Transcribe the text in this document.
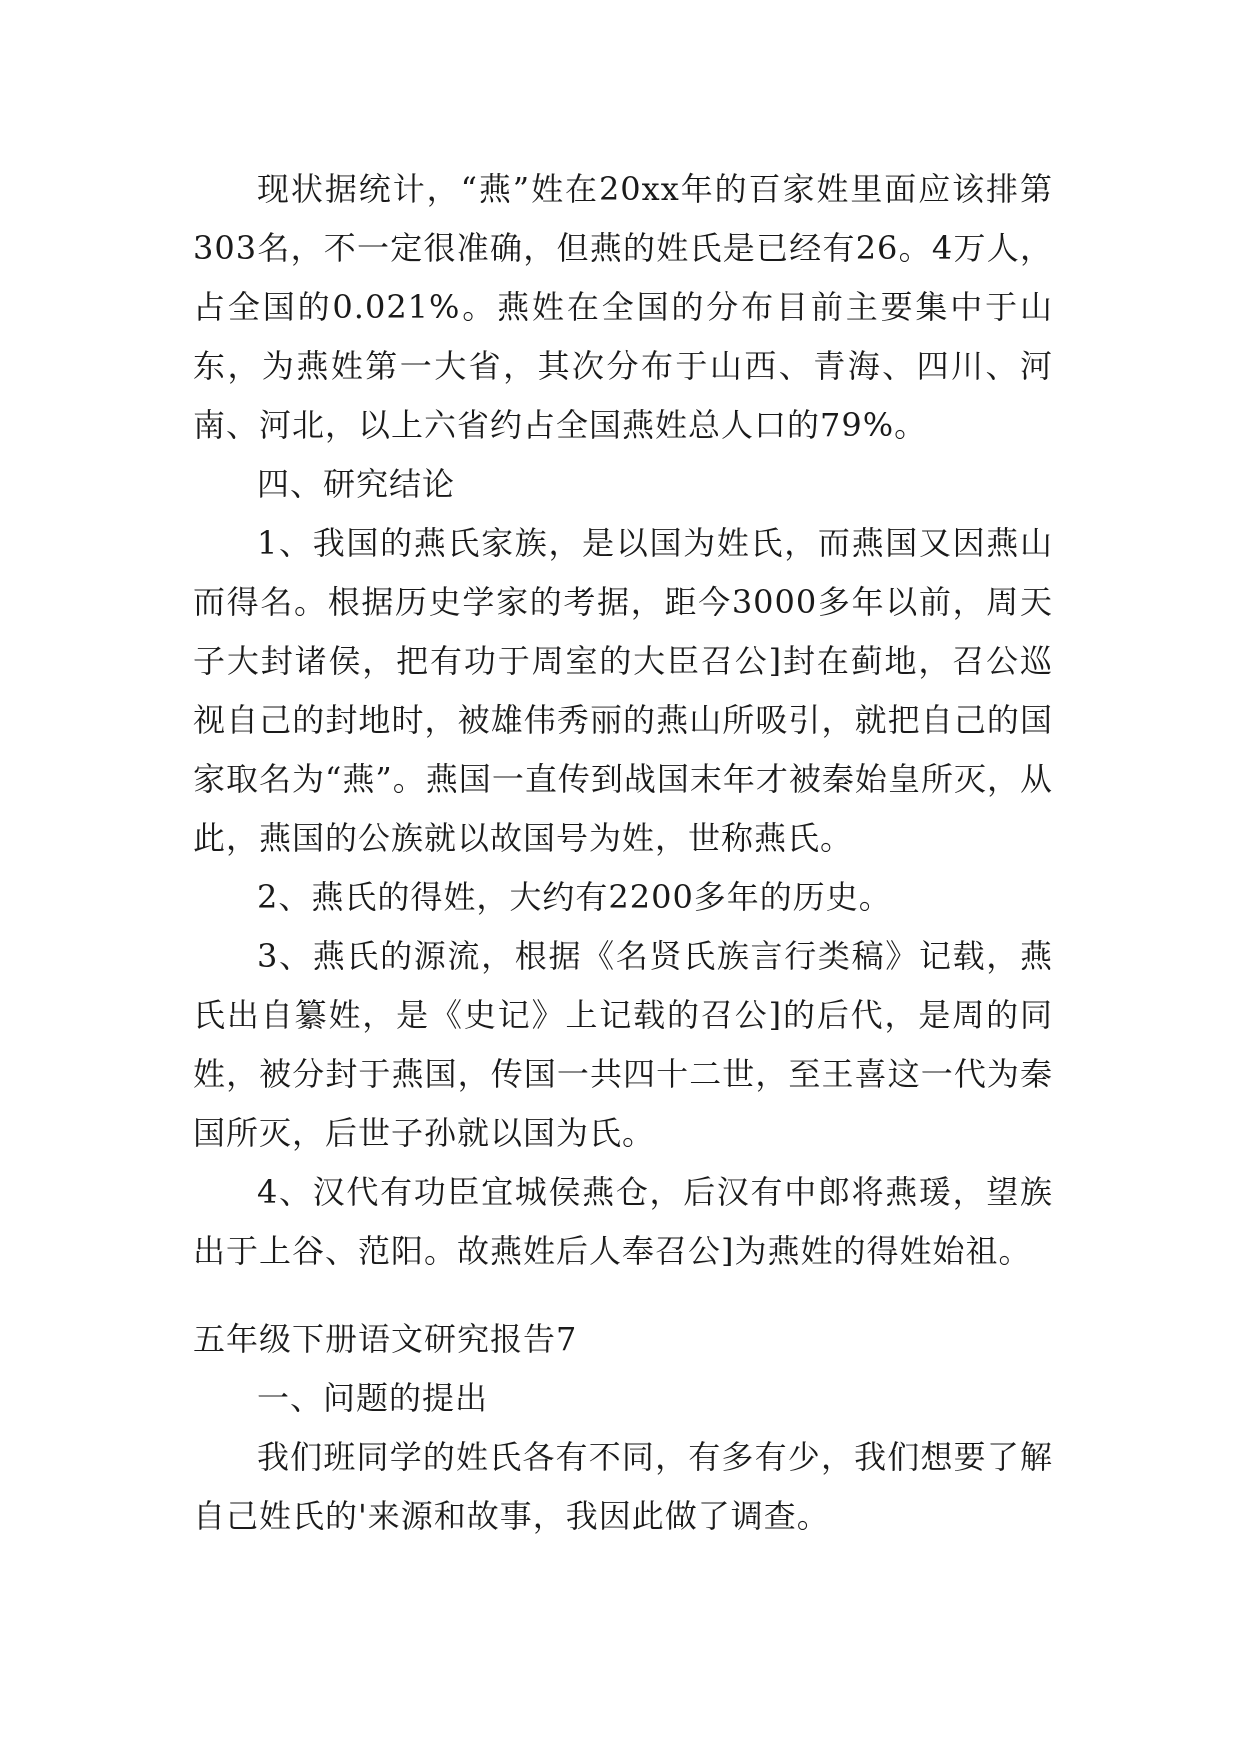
现状据统计，“燕”姓在20xx年的百家姓里面应该排第303名，不一定很准确，但燕的姓氏是已经有26。4万人，占全国的0.021%。燕姓在全国的分布目前主要集中于山东，为燕姓第一大省，其次分布于山西、青海、四川、河南、河北，以上六省约占全国燕姓总人口的79%。

四、研究结论

1、我国的燕氏家族，是以国为姓氏，而燕国又因燕山而得名。根据历史学家的考据，距今3000多年以前，周天子大封诸侯，把有功于周室的大臣召公]封在蓟地，召公巡视自己的封地时，被雄伟秀丽的燕山所吸引，就把自己的国家取名为“燕”。燕国一直传到战国末年才被秦始皇所灭，从此，燕国的公族就以故国号为姓，世称燕氏。

2、燕氏的得姓，大约有2200多年的历史。

3、燕氏的源流，根据《名贤氏族言行类稿》记载，燕氏出自纂姓，是《史记》上记载的召公]的后代，是周的同姓，被分封于燕国，传国一共四十二世，至王喜这一代为秦国所灭，后世子孙就以国为氏。

4、汉代有功臣宜城侯燕仓，后汉有中郎将燕瑗，望族出于上谷、范阳。故燕姓后人奉召公]为燕姓的得姓始祖。

五年级下册语文研究报告7

一、问题的提出

我们班同学的姓氏各有不同，有多有少，我们想要了解自己姓氏的'来源和故事，我因此做了调查。
